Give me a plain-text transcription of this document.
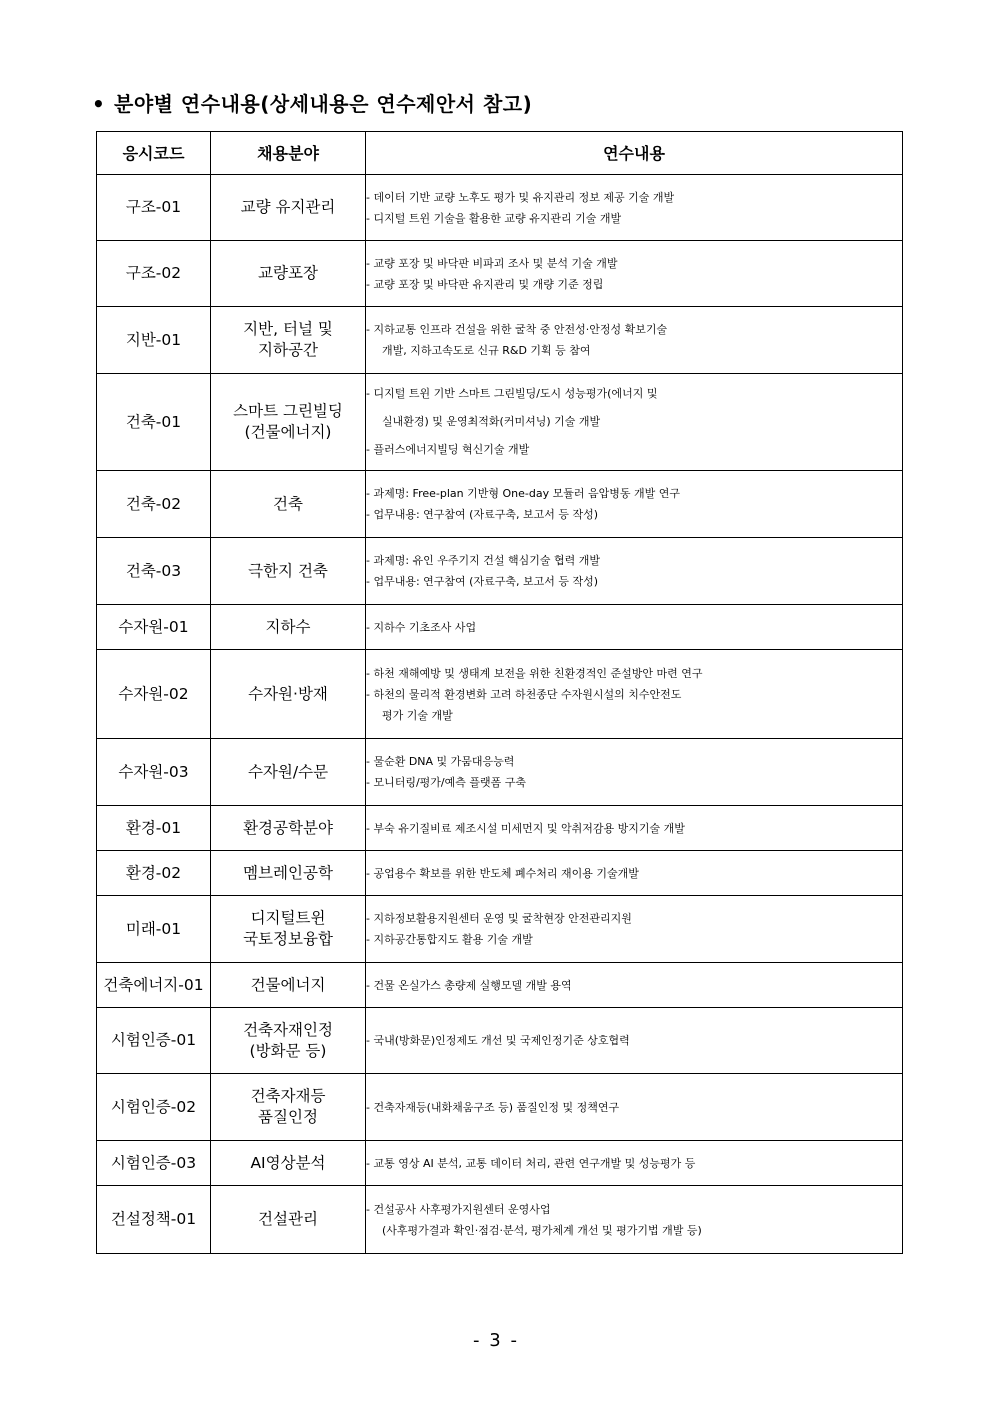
• 분야별 연수내용(상세내용은 연수제안서 참고)
응시코드	채용분야	연수내용
구조-01	교량 유지관리	- 데이터 기반 교량 노후도 평가 및 유지관리 정보 제공 기술 개발
- 디지털 트윈 기술을 활용한 교량 유지관리 기술 개발

구조-02	교량포장	- 교량 포장 및 바닥판 비파괴 조사 및 분석 기술 개발
- 교량 포장 및 바닥판 유지관리 및 개량 기준 정립

지반-01	지반, 터널 및
지하공간	- 지하교통 인프라 건설을 위한 굴착 중 안전성·안정성 확보기술
개발, 지하고속도로 신규 R&D 기획 등 참여

건축-01	스마트 그린빌딩
(건물에너지)	- 디지털 트윈 기반 스마트 그린빌딩/도시 성능평가(에너지 및
실내환경) 및 운영최적화(커미셔닝) 기술 개발
- 플러스에너지빌딩 혁신기술 개발

건축-02	건축	- 과제명: Free-plan 기반형 One-day 모듈러 음압병동 개발 연구
- 업무내용: 연구참여 (자료구축, 보고서 등 작성)

건축-03	극한지 건축	- 과제명: 유인 우주기지 건설 핵심기술 협력 개발
- 업무내용: 연구참여 (자료구축, 보고서 등 작성)

수자원-01	지하수	- 지하수 기초조사 사업

수자원-02	수자원·방재	- 하천 재해예방 및 생태계 보전을 위한 친환경적인 준설방안 마련 연구
- 하천의 물리적 환경변화 고려 하천종단 수자원시설의 치수안전도
평가 기술 개발

수자원-03	수자원/수문	- 물순환 DNA 및 가뭄대응능력
- 모니터링/평가/예측 플랫폼 구축

환경-01	환경공학분야	- 부숙 유기질비료 제조시설 미세먼지 및 악취저감용 방지기술 개발

환경-02	멤브레인공학	- 공업용수 확보를 위한 반도체 폐수처리 재이용 기술개발

미래-01	디지털트윈
국토정보융합	- 지하정보활용지원센터 운영 및 굴착현장 안전관리지원
- 지하공간통합지도 활용 기술 개발

건축에너지-01	건물에너지	- 건물 온실가스 총량제 실행모델 개발 용역

시험인증-01	건축자재인정
(방화문 등)	- 국내(방화문)인정제도 개선 및 국제인정기준 상호협력

시험인증-02	건축자재등
품질인정	- 건축자재등(내화채움구조 등) 품질인정 및 정책연구

시험인증-03	AI영상분석	- 교통 영상 AI 분석, 교통 데이터 처리, 관련 연구개발 및 성능평가 등

건설정책-01	건설관리	- 건설공사 사후평가지원센터 운영사업
(사후평가결과 확인·점검·분석, 평가체계 개선 및 평가기법 개발 등)
- 3 -
